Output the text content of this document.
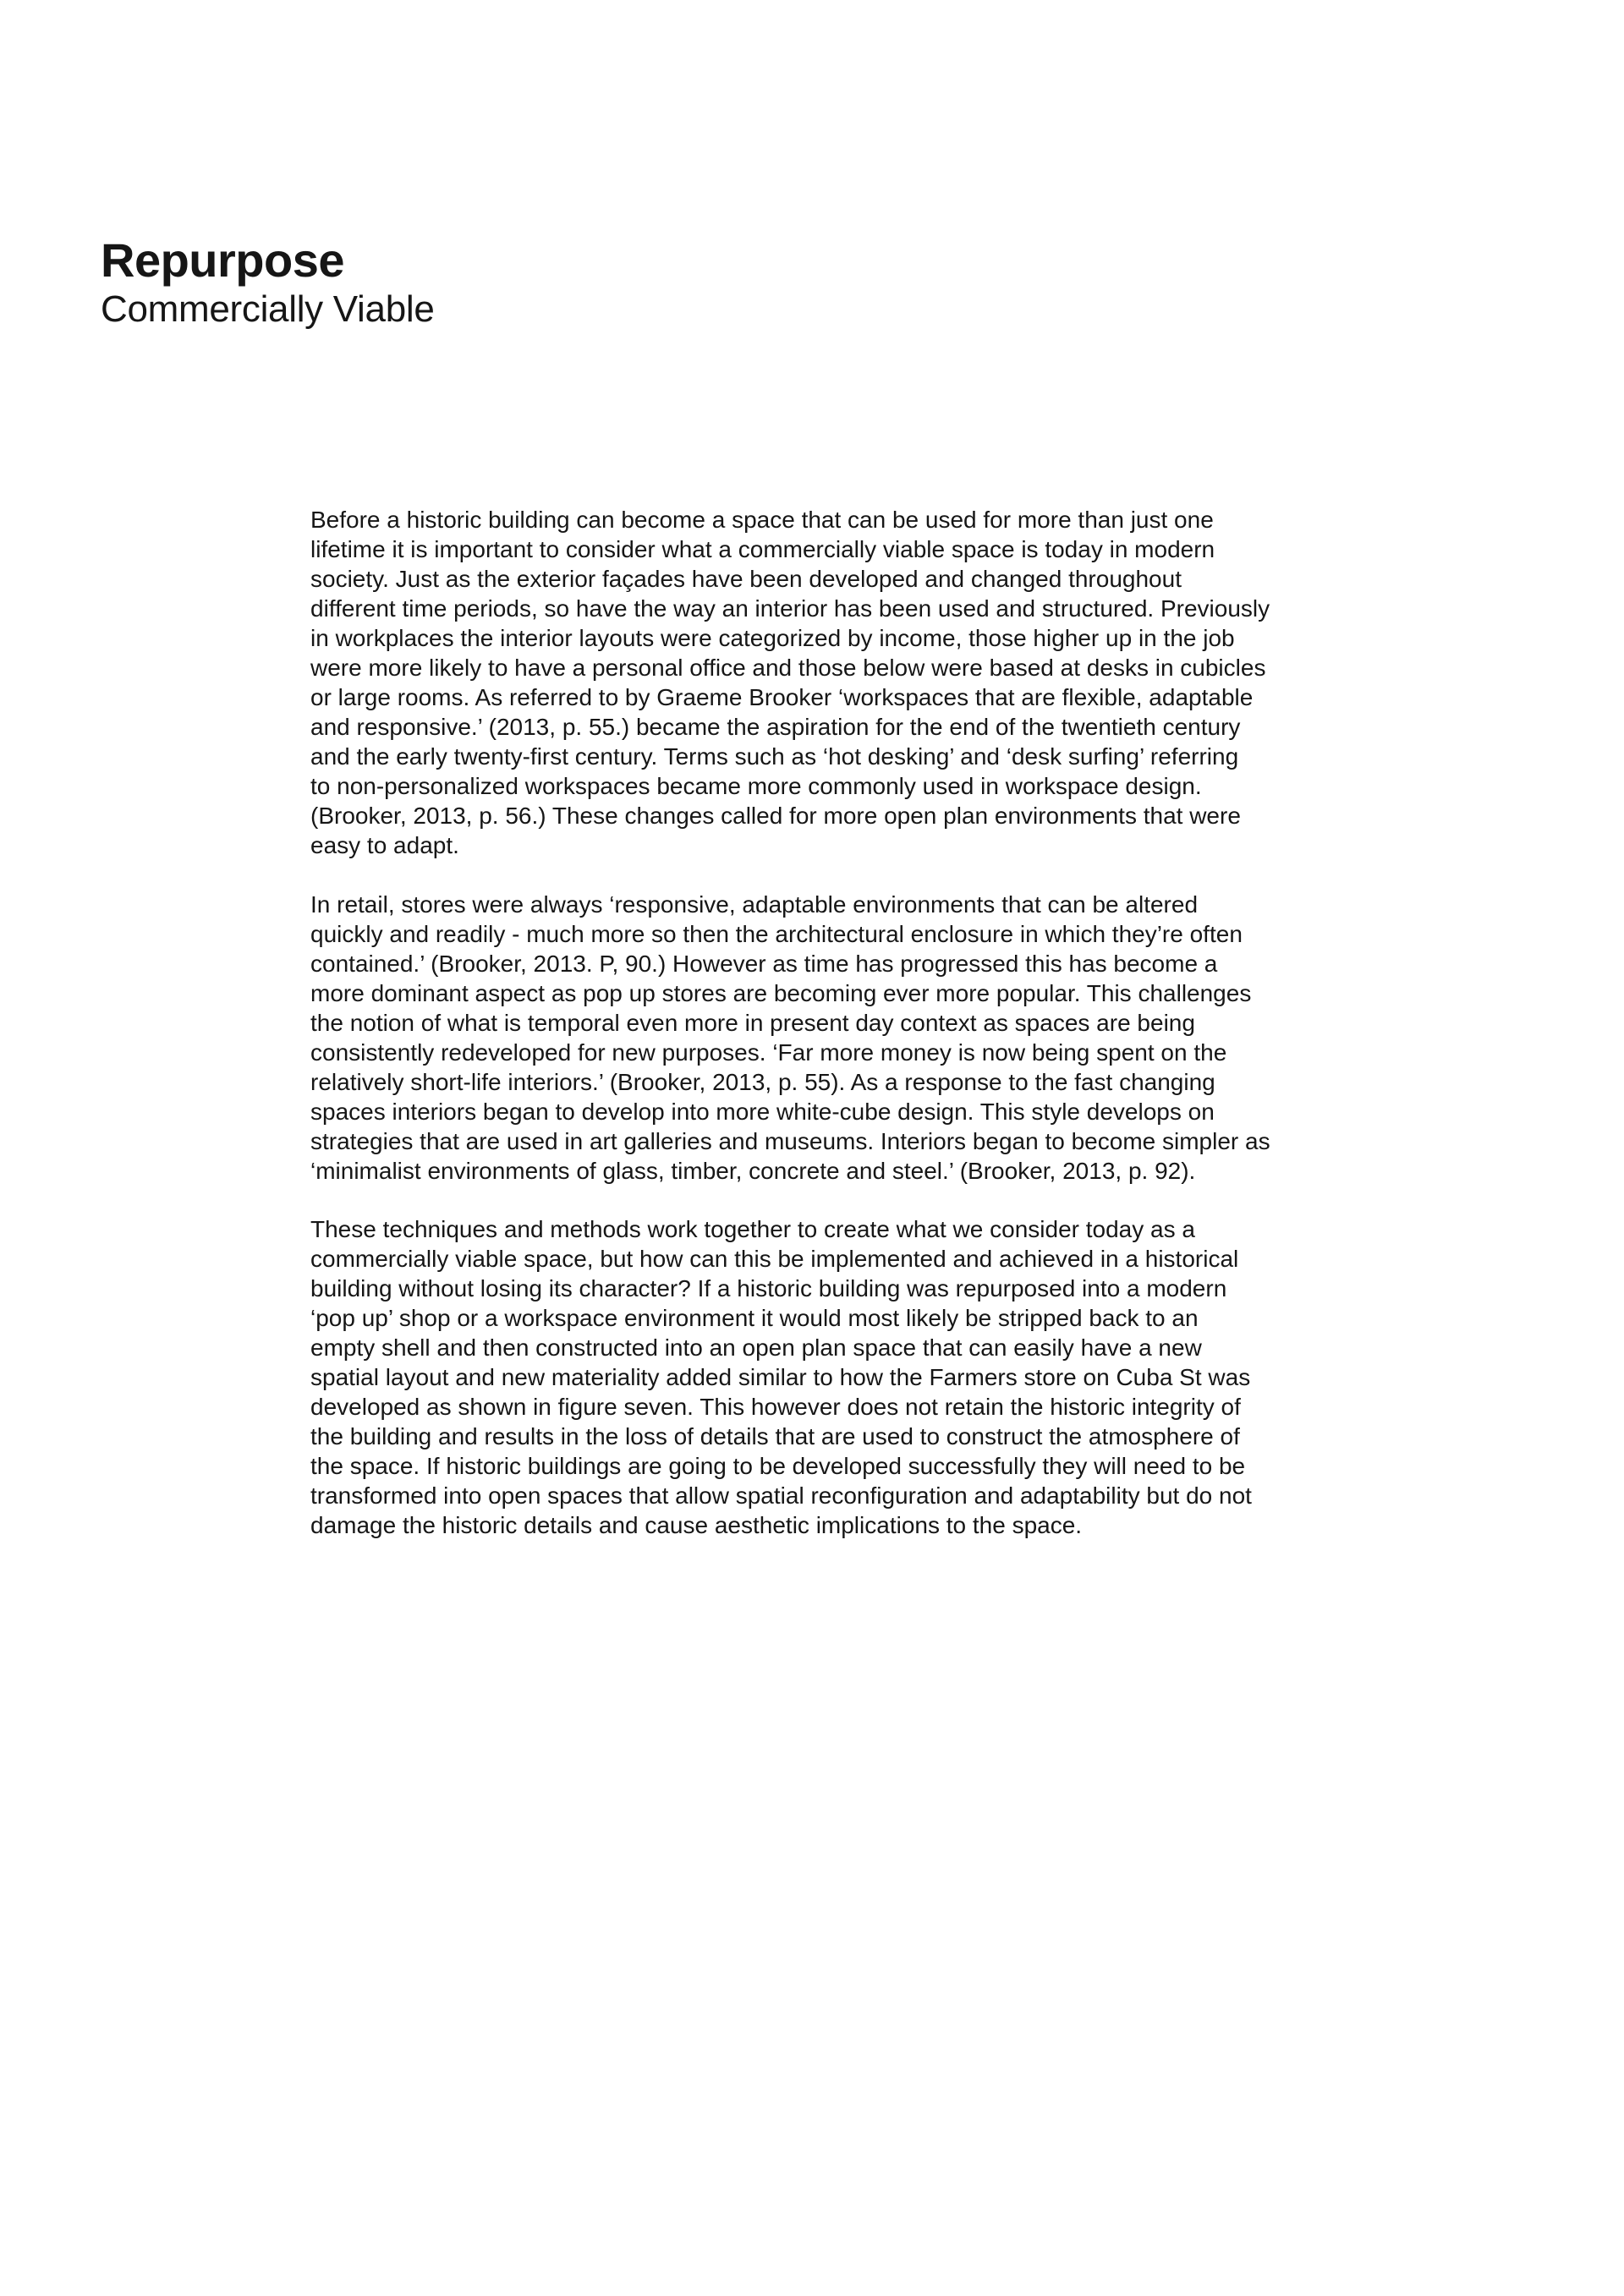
Repurpose
Commercially Viable

Before a historic building can become a space that can be used for more than just one
lifetime it is important to consider what a commercially viable space is today in modern
society. Just as the exterior façades have been developed and changed throughout
different time periods, so have the way an interior has been used and structured. Previously
in workplaces the interior layouts were categorized by income, those higher up in the job
were more likely to have a personal office and those below were based at desks in cubicles
or large rooms. As referred to by Graeme Brooker ‘workspaces that are flexible, adaptable
and responsive.’ (2013, p. 55.) became the aspiration for the end of the twentieth century
and the early twenty-first century. Terms such as ‘hot desking’ and ‘desk surfing’ referring
to non-personalized workspaces became more commonly used in workspace design.
(Brooker, 2013, p. 56.) These changes called for more open plan environments that were
easy to adapt.

In retail, stores were always ‘responsive, adaptable environments that can be altered
quickly and readily - much more so then the architectural enclosure in which they’re often
contained.’ (Brooker, 2013. P, 90.) However as time has progressed this has become a
more dominant aspect as pop up stores are becoming ever more popular. This challenges
the notion of what is temporal even more in present day context as spaces are being
consistently redeveloped for new purposes. ‘Far more money is now being spent on the
relatively short-life interiors.’ (Brooker, 2013, p. 55). As a response to the fast changing
spaces interiors began to develop into more white-cube design. This style develops on
strategies that are used in art galleries and museums. Interiors began to become simpler as
‘minimalist environments of glass, timber, concrete and steel.’ (Brooker, 2013, p. 92).

These techniques and methods work together to create what we consider today as a
commercially viable space, but how can this be implemented and achieved in a historical
building without losing its character? If a historic building was repurposed into a modern
‘pop up’ shop or a workspace environment it would most likely be stripped back to an
empty shell and then constructed into an open plan space that can easily have a new
spatial layout and new materiality added similar to how the Farmers store on Cuba St was
developed as shown in figure seven. This however does not retain the historic integrity of
the building and results in the loss of details that are used to construct the atmosphere of
the space. If historic buildings are going to be developed successfully they will need to be
transformed into open spaces that allow spatial reconfiguration and adaptability but do not
damage the historic details and cause aesthetic implications to the space.
